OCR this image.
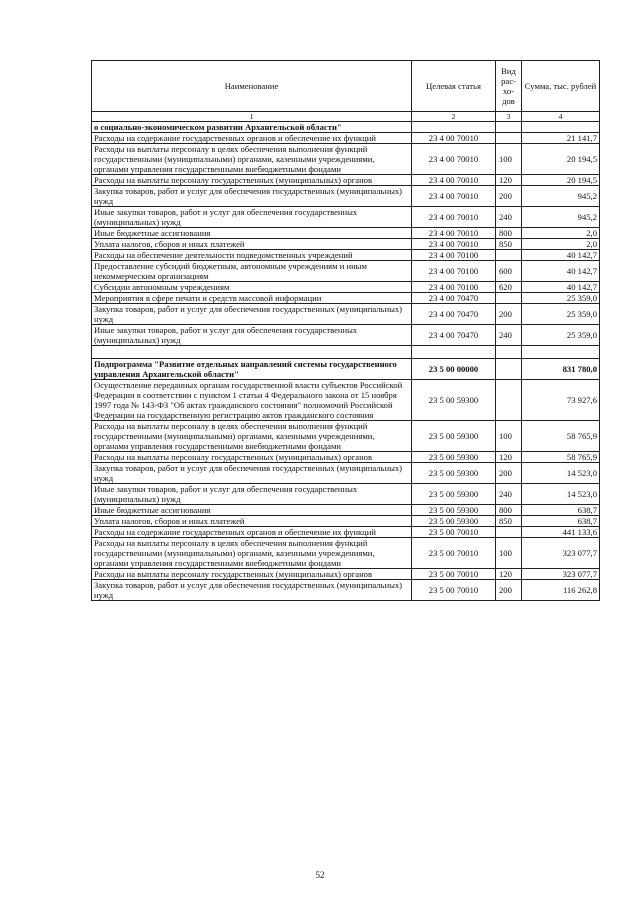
Наименование	Целевая статья	Вид рас- хо- дов	Сумма, тыс. рублей
1	2	3	4
о социально-экономическом развитии Архангельской области"			
Расходы на содержание государственных органов и обеспечение их функций	23 4 00 70010		21 141,7
Расходы на выплаты персоналу в целях обеспечения выполнения функций государственными (муниципальными) органами, казенными учреждениями, органами управления государственными внебюджетными фондами	23 4 00 70010	100	20 194,5
Расходы на выплаты персоналу государственных (муниципальных) органов	23 4 00 70010	120	20 194,5
Закупка товаров, работ и услуг для обеспечения государственных (муниципальных) нужд	23 4 00 70010	200	945,2
Иные закупки товаров, работ и услуг для обеспечения государственных (муниципальных) нужд	23 4 00 70010	240	945,2
Иные бюджетные ассигнования	23 4 00 70010	800	2,0
Уплата налогов, сборов и иных платежей	23 4 00 70010	850	2,0
Расходы на обеспечение деятельности подведомственных учреждений	23 4 00 70100		40 142,7
Предоставление субсидий бюджетным, автономным учреждениям и иным некоммерческим организациям	23 4 00 70100	600	40 142,7
Субсидии автономным учреждениям	23 4 00 70100	620	40 142,7
Мероприятия в сфере печати и средств массовой информации	23 4 00 70470		25 359,0
Закупка товаров, работ и услуг для обеспечения государственных (муниципальных) нужд	23 4 00 70470	200	25 359,0
Иные закупки товаров, работ и услуг для обеспечения государственных (муниципальных) нужд	23 4 00 70470	240	25 359,0

Подпрограмма "Развитие отдельных направлений системы государственного управления Архангельской области"	23 5 00 00000		831 780,0
Осуществление переданных органам государственной власти субъектов Российской Федерации в соответствии с пунктом 1 статьи 4 Федерального закона от 15 ноября 1997 года № 143-ФЗ "Об актах гражданского состояния" полномочий Российской Федерации на государственную регистрацию актов гражданского состояния	23 5 00 59300		73 927,6
Расходы на выплаты персоналу в целях обеспечения выполнения функций государственными (муниципальными) органами, казенными учреждениями, органами управления государственными внебюджетными фондами	23 5 00 59300	100	58 765,9
Расходы на выплаты персоналу государственных (муниципальных) органов	23 5 00 59300	120	58 765,9
Закупка товаров, работ и услуг для обеспечения государственных (муниципальных) нужд	23 5 00 59300	200	14 523,0
Иные закупки товаров, работ и услуг для обеспечения государственных (муниципальных) нужд	23 5 00 59300	240	14 523,0
Иные бюджетные ассигнования	23 5 00 59300	800	638,7
Уплата налогов, сборов и иных платежей	23 5 00 59300	850	638,7
Расходы на содержание государственных органов и обеспечение их функций	23 5 00 70010		441 133,6
Расходы на выплаты персоналу в целях обеспечения выполнения функций государственными (муниципальными) органами, казенными учреждениями, органами управления государственными внебюджетными фондами	23 5 00 70010	100	323 077,7
Расходы на выплаты персоналу государственных (муниципальных) органов	23 5 00 70010	120	323 077,7
Закупка товаров, работ и услуг для обеспечения государственных (муниципальных) нужд	23 5 00 70010	200	116 262,8
52
